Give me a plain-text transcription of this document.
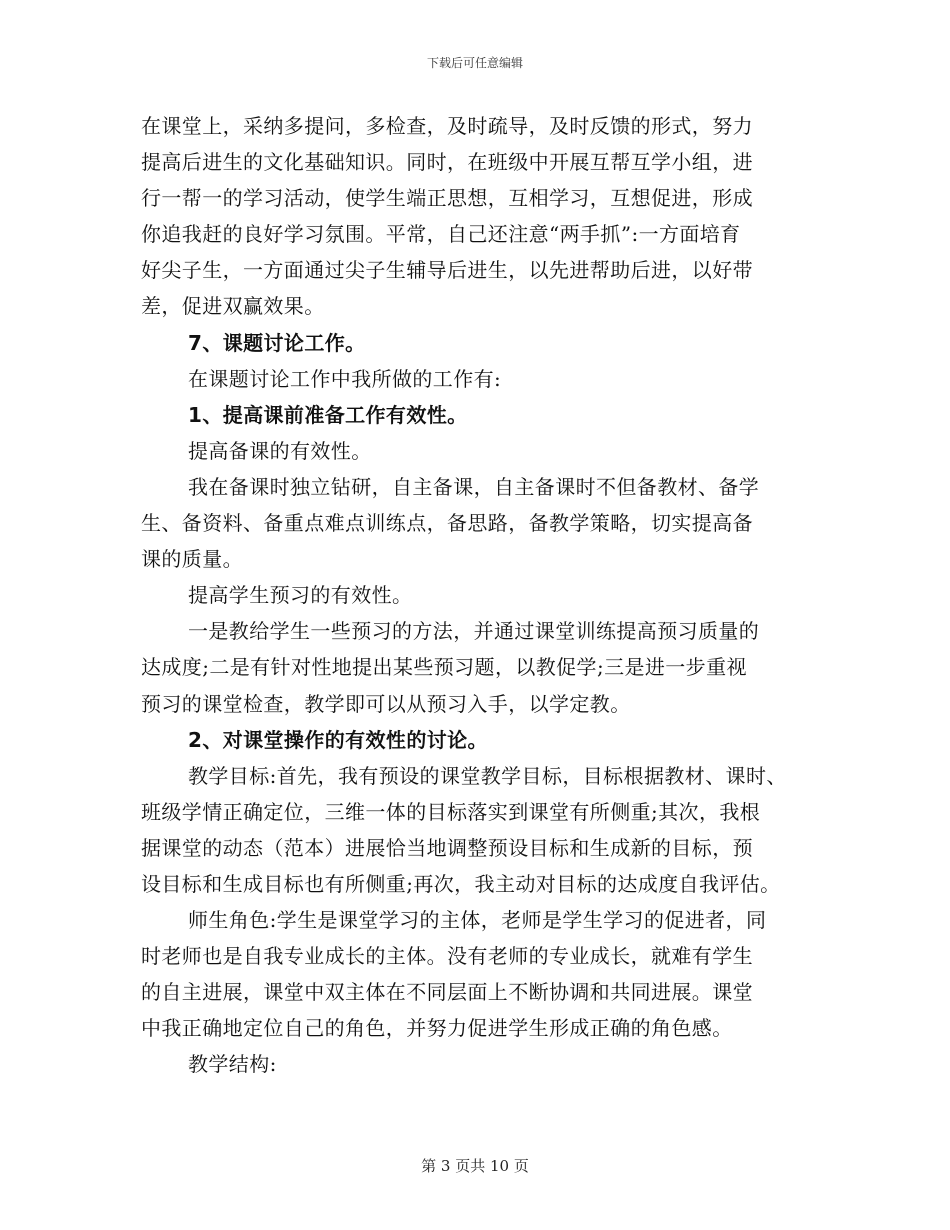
下载后可任意编辑
在课堂上，采纳多提问，多检查，及时疏导，及时反馈的形式，努力
提高后进生的文化基础知识。同时，在班级中开展互帮互学小组，进
行一帮一的学习活动，使学生端正思想，互相学习，互想促进，形成
你追我赶的良好学习氛围。平常，自己还注意“两手抓”:一方面培育
好尖子生，一方面通过尖子生辅导后进生，以先进帮助后进，以好带
差，促进双赢效果。
7、课题讨论工作。
在课题讨论工作中我所做的工作有:
1、提高课前准备工作有效性。
提高备课的有效性。
我在备课时独立钻研，自主备课，自主备课时不但备教材、备学
生、备资料、备重点难点训练点，备思路，备教学策略，切实提高备
课的质量。
提高学生预习的有效性。
一是教给学生一些预习的方法，并通过课堂训练提高预习质量的
达成度;二是有针对性地提出某些预习题，以教促学;三是进一步重视
预习的课堂检查，教学即可以从预习入手，以学定教。
2、对课堂操作的有效性的讨论。
教学目标:首先，我有预设的课堂教学目标，目标根据教材、课时、
班级学情正确定位，三维一体的目标落实到课堂有所侧重;其次，我根
据课堂的动态（范本）进展恰当地调整预设目标和生成新的目标，预
设目标和生成目标也有所侧重;再次，我主动对目标的达成度自我评估。
师生角色:学生是课堂学习的主体，老师是学生学习的促进者，同
时老师也是自我专业成长的主体。没有老师的专业成长，就难有学生
的自主进展，课堂中双主体在不同层面上不断协调和共同进展。课堂
中我正确地定位自己的角色，并努力促进学生形成正确的角色感。
教学结构:
第 3 页共 10 页
